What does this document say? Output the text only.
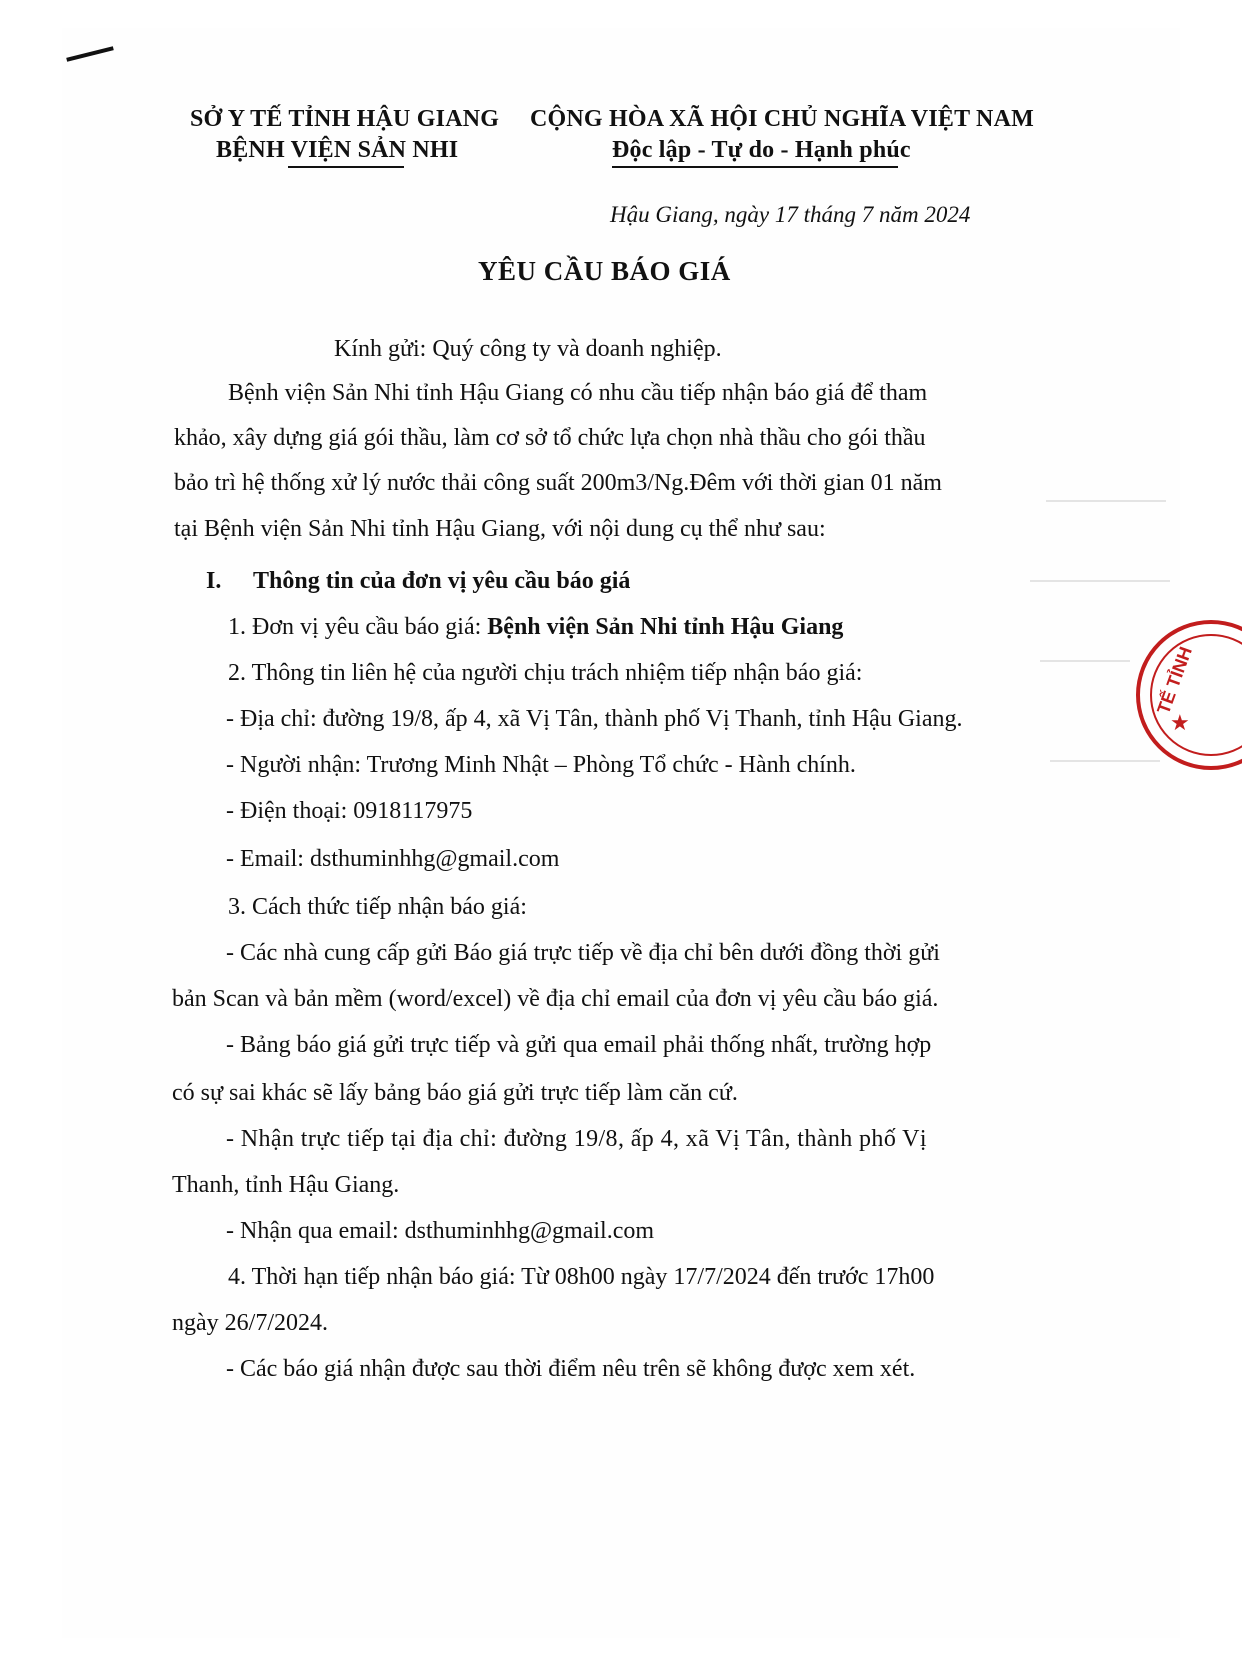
SỞ Y TẾ TỈNH HẬU GIANG
BỆNH VIỆN SẢN NHI
CỘNG HÒA XÃ HỘI CHỦ NGHĨA VIỆT NAM
Độc lập - Tự do - Hạnh phúc
Hậu Giang, ngày 17 tháng 7 năm 2024
YÊU CẦU BÁO GIÁ
Kính gửi: Quý công ty và doanh nghiệp.
Bệnh viện Sản Nhi tỉnh Hậu Giang có nhu cầu tiếp nhận báo giá để tham
khảo, xây dựng giá gói thầu, làm cơ sở tổ chức lựa chọn nhà thầu cho gói thầu
bảo trì hệ thống xử lý nước thải công suất 200m3/Ng.Đêm với thời gian 01 năm
tại Bệnh viện Sản Nhi tỉnh Hậu Giang, với nội dung cụ thể như sau:
I. Thông tin của đơn vị yêu cầu báo giá
1. Đơn vị yêu cầu báo giá: Bệnh viện Sản Nhi tỉnh Hậu Giang
2. Thông tin liên hệ của người chịu trách nhiệm tiếp nhận báo giá:
- Địa chỉ: đường 19/8, ấp 4, xã Vị Tân, thành phố Vị Thanh, tỉnh Hậu Giang.
- Người nhận: Trương Minh Nhật – Phòng Tổ chức - Hành chính.
- Điện thoại: 0918117975
- Email: dsthuminhhg@gmail.com
3. Cách thức tiếp nhận báo giá:
- Các nhà cung cấp gửi Báo giá trực tiếp về địa chỉ bên dưới đồng thời gửi
bản Scan và bản mềm (word/excel) về địa chỉ email của đơn vị yêu cầu báo giá.
- Bảng báo giá gửi trực tiếp và gửi qua email phải thống nhất, trường hợp
có sự sai khác sẽ lấy bảng báo giá gửi trực tiếp làm căn cứ.
- Nhận trực tiếp tại địa chỉ: đường 19/8, ấp 4, xã Vị Tân, thành phố Vị
Thanh, tỉnh Hậu Giang.
- Nhận qua email: dsthuminhhg@gmail.com
4. Thời hạn tiếp nhận báo giá: Từ 08h00 ngày 17/7/2024 đến trước 17h00
ngày 26/7/2024.
- Các báo giá nhận được sau thời điểm nêu trên sẽ không được xem xét.
TẾ TỈNH
★
